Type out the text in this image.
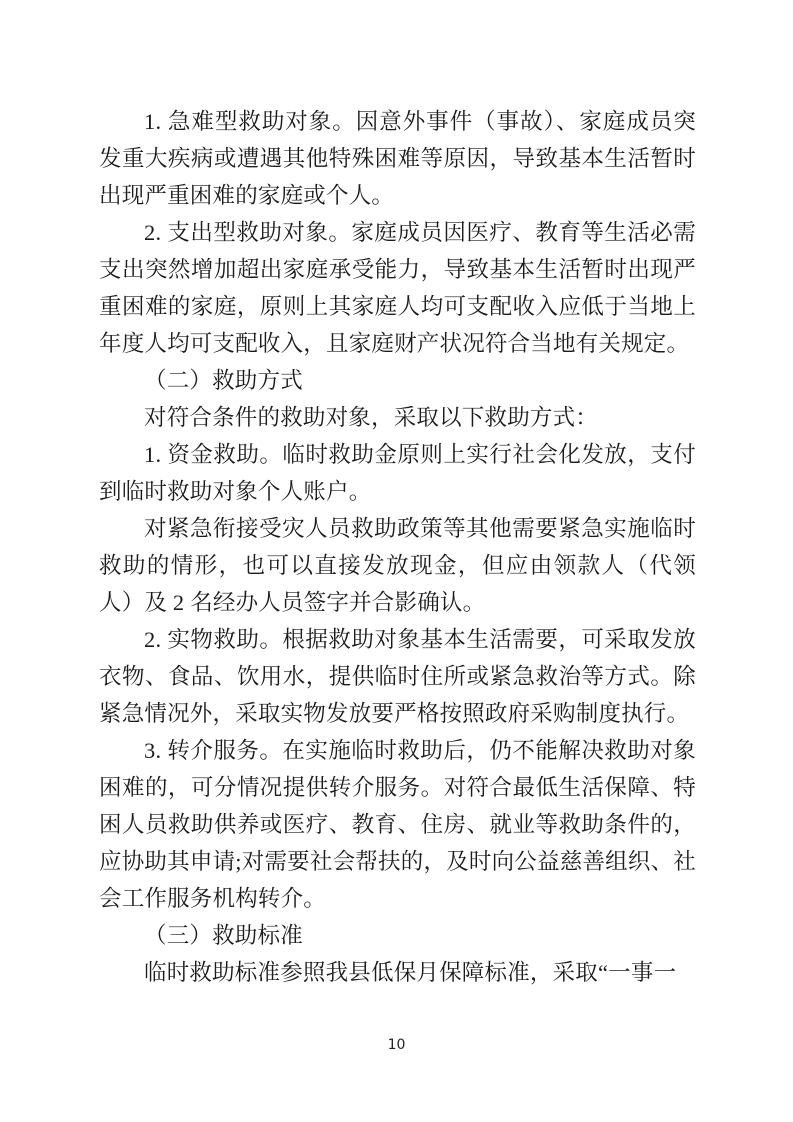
1. 急难型救助对象。因意外事件（事故）、家庭成员突发重大疾病或遭遇其他特殊困难等原因，导致基本生活暂时出现严重困难的家庭或个人。

2. 支出型救助对象。家庭成员因医疗、教育等生活必需支出突然增加超出家庭承受能力，导致基本生活暂时出现严重困难的家庭，原则上其家庭人均可支配收入应低于当地上年度人均可支配收入，且家庭财产状况符合当地有关规定。

（二）救助方式

对符合条件的救助对象，采取以下救助方式：

1. 资金救助。临时救助金原则上实行社会化发放，支付到临时救助对象个人账户。

对紧急衔接受灾人员救助政策等其他需要紧急实施临时救助的情形，也可以直接发放现金，但应由领款人（代领人）及 2 名经办人员签字并合影确认。

2. 实物救助。根据救助对象基本生活需要，可采取发放衣物、食品、饮用水，提供临时住所或紧急救治等方式。除紧急情况外，采取实物发放要严格按照政府采购制度执行。

3. 转介服务。在实施临时救助后，仍不能解决救助对象困难的，可分情况提供转介服务。对符合最低生活保障、特困人员救助供养或医疗、教育、住房、就业等救助条件的，应协助其申请;对需要社会帮扶的，及时向公益慈善组织、社会工作服务机构转介。

（三）救助标准

临时救助标准参照我县低保月保障标准，采取“一事一

10
